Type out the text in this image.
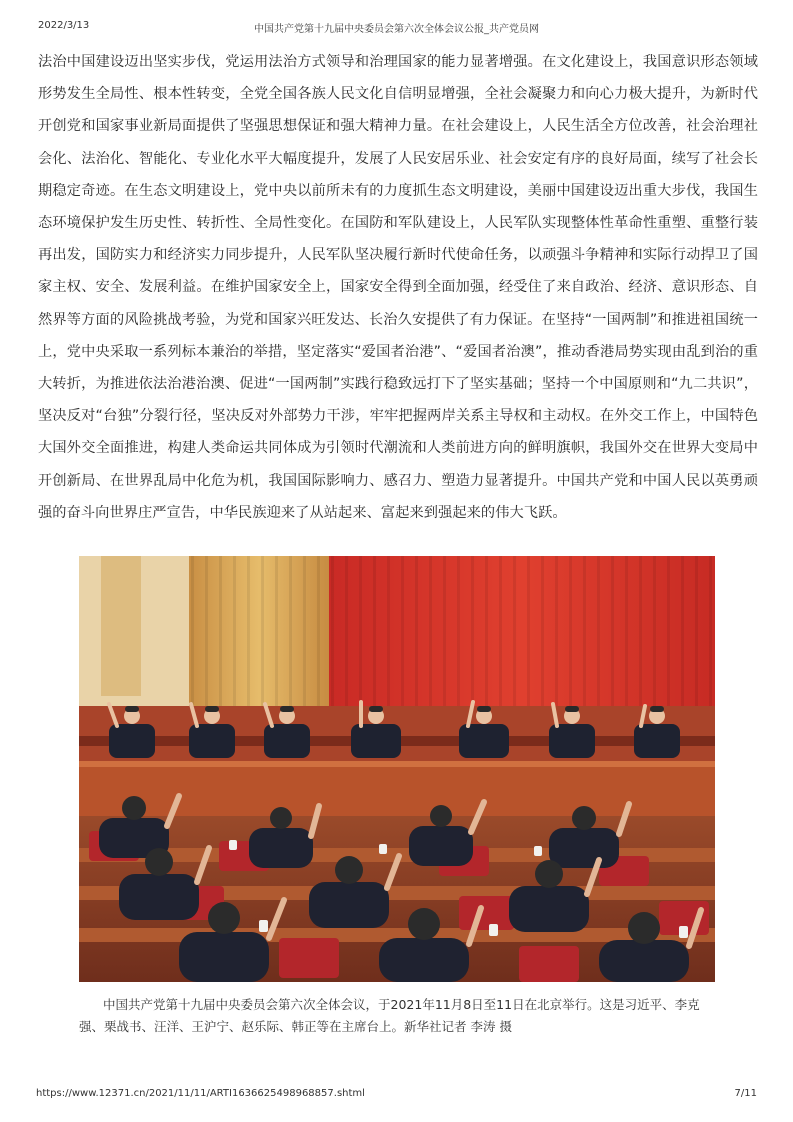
2022/3/13	中国共产党第十九届中央委员会第六次全体会议公报_共产党员网
法治中国建设迈出坚实步伐，党运用法治方式领导和治理国家的能力显著增强。在文化建设上，我国意识形态领域形势发生全局性、根本性转变，全党全国各族人民文化自信明显增强，全社会凝聚力和向心力极大提升，为新时代开创党和国家事业新局面提供了坚强思想保证和强大精神力量。在社会建设上，人民生活全方位改善，社会治理社会化、法治化、智能化、专业化水平大幅度提升，发展了人民安居乐业、社会安定有序的良好局面，续写了社会长期稳定奇迹。在生态文明建设上，党中央以前所未有的力度抓生态文明建设，美丽中国建设迈出重大步伐，我国生态环境保护发生历史性、转折性、全局性变化。在国防和军队建设上，人民军队实现整体性革命性重塑、重整行装再出发，国防实力和经济实力同步提升，人民军队坚决履行新时代使命任务，以顽强斗争精神和实际行动捍卫了国家主权、安全、发展利益。在维护国家安全上，国家安全得到全面加强，经受住了来自政治、经济、意识形态、自然界等方面的风险挑战考验，为党和国家兴旺发达、长治久安提供了有力保证。在坚持“一国两制”和推进祖国统一上，党中央采取一系列标本兼治的举措，坚定落实“爱国者治港”、“爱国者治澳”，推动香港局势实现由乱到治的重大转折，为推进依法治港治澳、促进“一国两制”实践行稳致远打下了坚实基础；坚持一个中国原则和“九二共识”，坚决反对“台独”分裂行径，坚决反对外部势力干涉，牢牢把握两岸关系主导权和主动权。在外交工作上，中国特色大国外交全面推进，构建人类命运共同体成为引领时代潮流和人类前进方向的鲜明旗帜，我国外交在世界大变局中开创新局、在世界乱局中化危为机，我国国际影响力、感召力、塑造力显著提升。中国共产党和中国人民以英勇顽强的奋斗向世界庄严宣告，中华民族迎来了从站起来、富起来到强起来的伟大飞跃。
中国共产党第十九届中央委员会第六次全体会议，于2021年11月8日至11日在北京举行。这是习近平、李克强、栗战书、汪洋、王沪宁、赵乐际、韩正等在主席台上。新华社记者 李涛 摄
https://www.12371.cn/2021/11/11/ARTI1636625498968857.shtml	7/11
